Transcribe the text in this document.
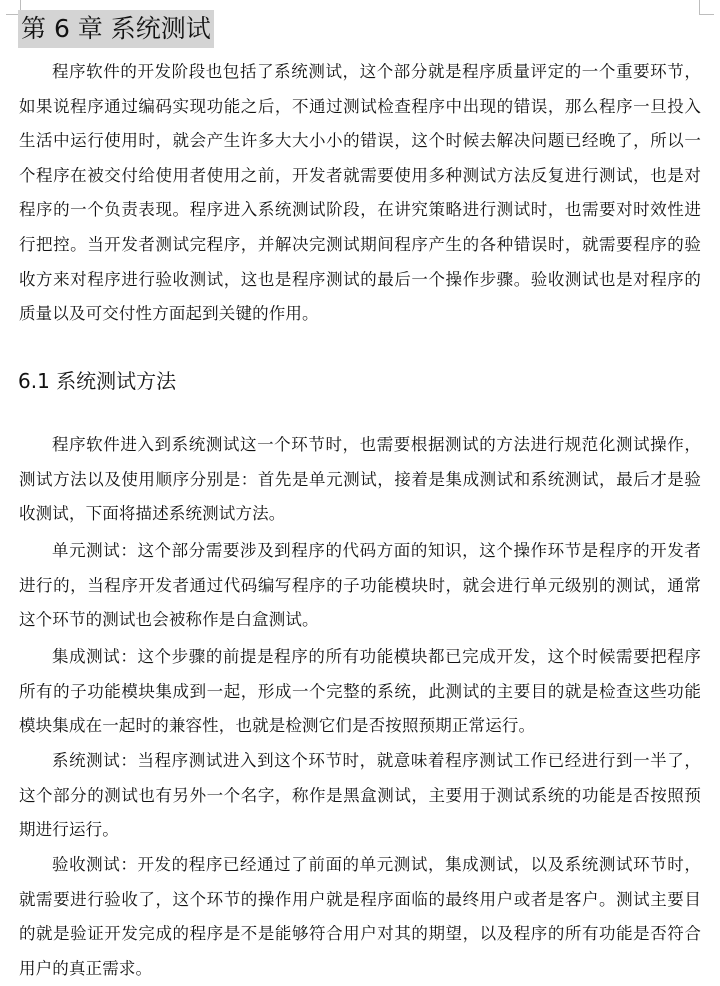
第 6 章 系统测试

程序软件的开发阶段也包括了系统测试，这个部分就是程序质量评定的一个重要环节，如果说程序通过编码实现功能之后，不通过测试检查程序中出现的错误，那么程序一旦投入生活中运行使用时，就会产生许多大大小小的错误，这个时候去解决问题已经晚了，所以一个程序在被交付给使用者使用之前，开发者就需要使用多种测试方法反复进行测试，也是对程序的一个负责表现。程序进入系统测试阶段，在讲究策略进行测试时，也需要对时效性进行把控。当开发者测试完程序，并解决完测试期间程序产生的各种错误时，就需要程序的验收方来对程序进行验收测试，这也是程序测试的最后一个操作步骤。验收测试也是对程序的质量以及可交付性方面起到关键的作用。

6.1 系统测试方法

程序软件进入到系统测试这一个环节时，也需要根据测试的方法进行规范化测试操作，测试方法以及使用顺序分别是：首先是单元测试，接着是集成测试和系统测试，最后才是验收测试，下面将描述系统测试方法。

单元测试：这个部分需要涉及到程序的代码方面的知识，这个操作环节是程序的开发者进行的，当程序开发者通过代码编写程序的子功能模块时，就会进行单元级别的测试，通常这个环节的测试也会被称作是白盒测试。

集成测试：这个步骤的前提是程序的所有功能模块都已完成开发，这个时候需要把程序所有的子功能模块集成到一起，形成一个完整的系统，此测试的主要目的就是检查这些功能模块集成在一起时的兼容性，也就是检测它们是否按照预期正常运行。

系统测试：当程序测试进入到这个环节时，就意味着程序测试工作已经进行到一半了，这个部分的测试也有另外一个名字，称作是黑盒测试，主要用于测试系统的功能是否按照预期进行运行。

验收测试：开发的程序已经通过了前面的单元测试，集成测试，以及系统测试环节时，就需要进行验收了，这个环节的操作用户就是程序面临的最终用户或者是客户。测试主要目的就是验证开发完成的程序是不是能够符合用户对其的期望，以及程序的所有功能是否符合用户的真正需求。
